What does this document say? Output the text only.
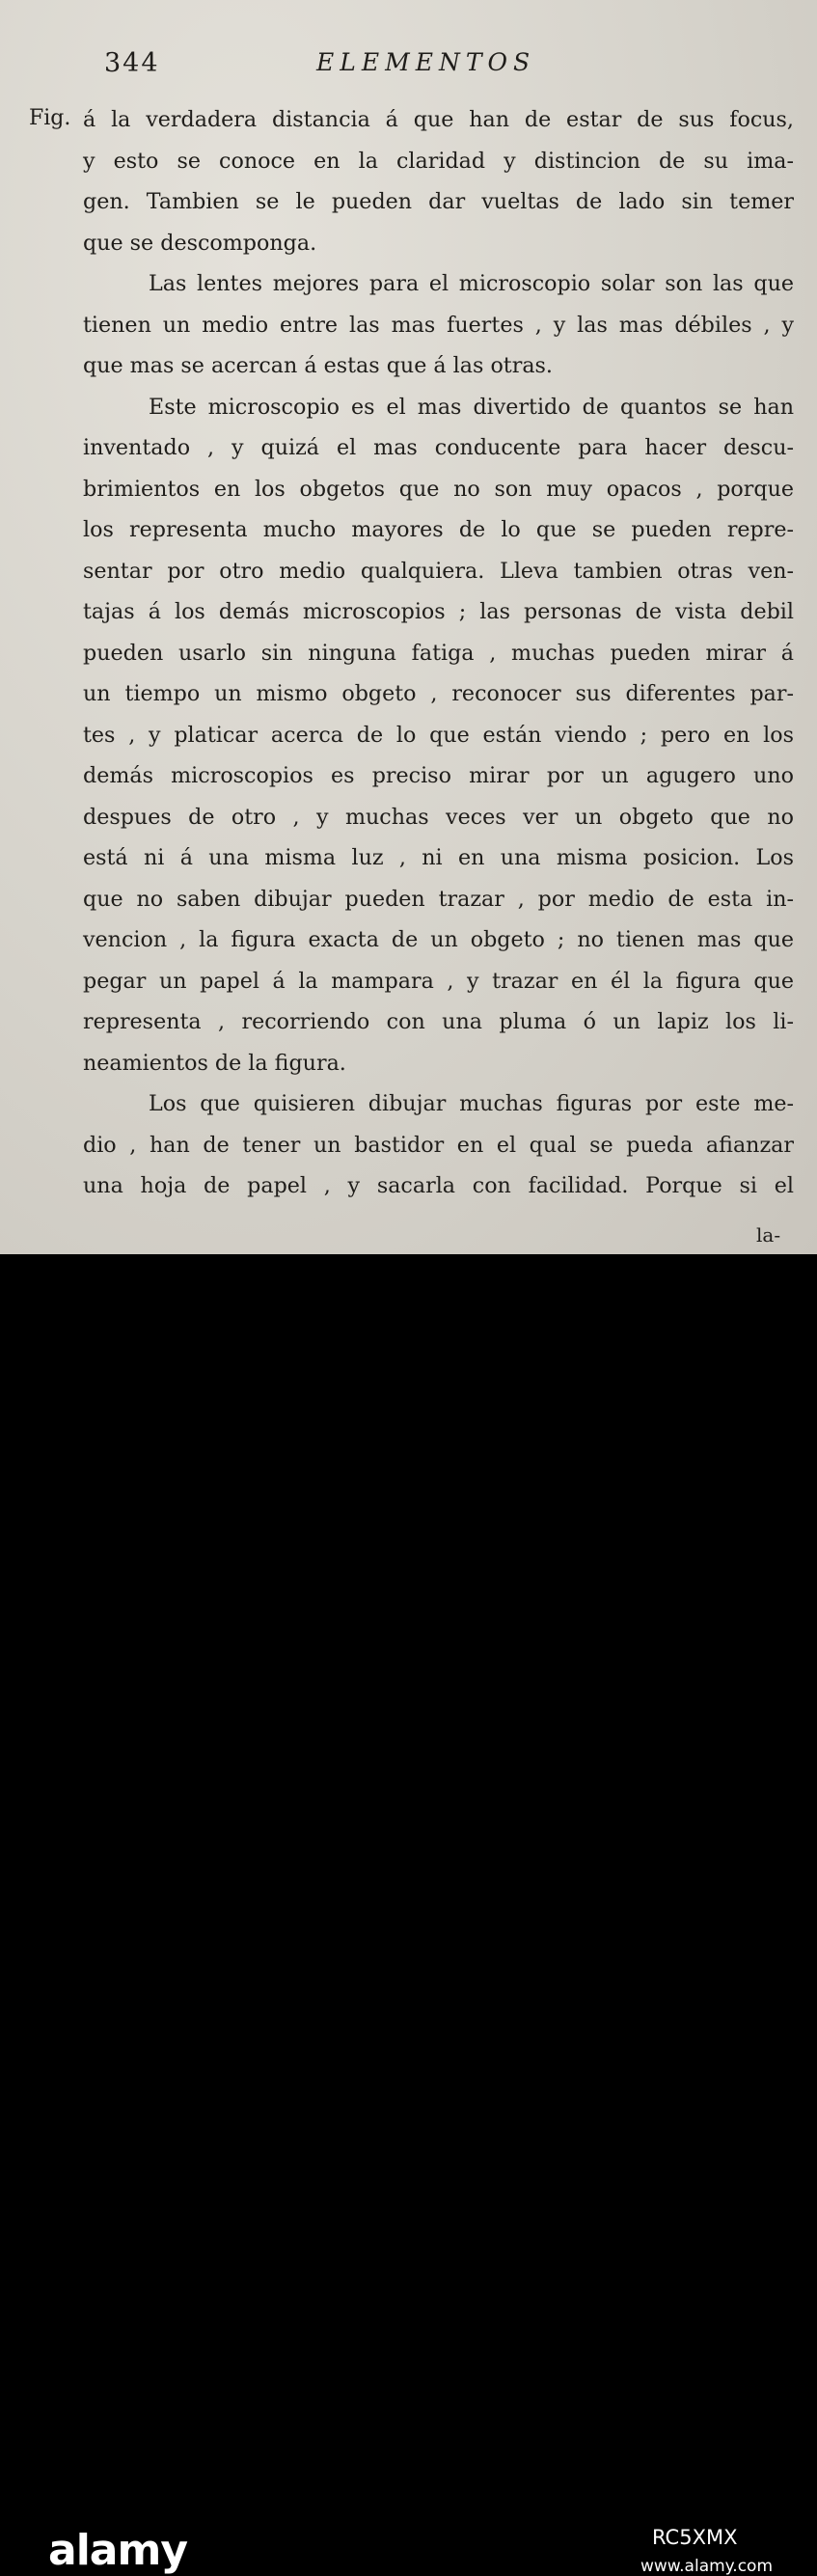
344	ELEMENTOS
Fig. á la verdadera distancia á que han de estar de sus focus,
y esto se conoce en la claridad y distincion de su ima-
gen. Tambien se le pueden dar vueltas de lado sin temer
que se descomponga.

Las lentes mejores para el microscopio solar son las que
tienen un medio entre las mas fuertes , y las mas débiles , y
que mas se acercan á estas que á las otras.

Este microscopio es el mas divertido de quantos se han
inventado , y quizá el mas conducente para hacer descu-
brimientos en los obgetos que no son muy opacos , porque
los representa mucho mayores de lo que se pueden repre-
sentar por otro medio qualquiera. Lleva tambien otras ven-
tajas á los demás microscopios ; las personas de vista debil
pueden usarlo sin ninguna fatiga , muchas pueden mirar á
un tiempo un mismo obgeto , reconocer sus diferentes par-
tes , y platicar acerca de lo que están viendo ; pero en los
demás microscopios es preciso mirar por un agugero uno
despues de otro , y muchas veces ver un obgeto que no
está ni á una misma luz , ni en una misma posicion. Los
que no saben dibujar pueden trazar , por medio de esta in-
vencion , la figura exacta de un obgeto ; no tienen mas que
pegar un papel á la mampara , y trazar en él la figura que
representa , recorriendo con una pluma ó un lapiz los li-
neamientos de la figura.

Los que quisieren dibujar muchas figuras por este me-
dio , han de tener un bastidor en el qual se pueda afianzar
una hoja de papel , y sacarla con facilidad. Porque si el

la-
alamy	RC5XMX
www.alamy.com
